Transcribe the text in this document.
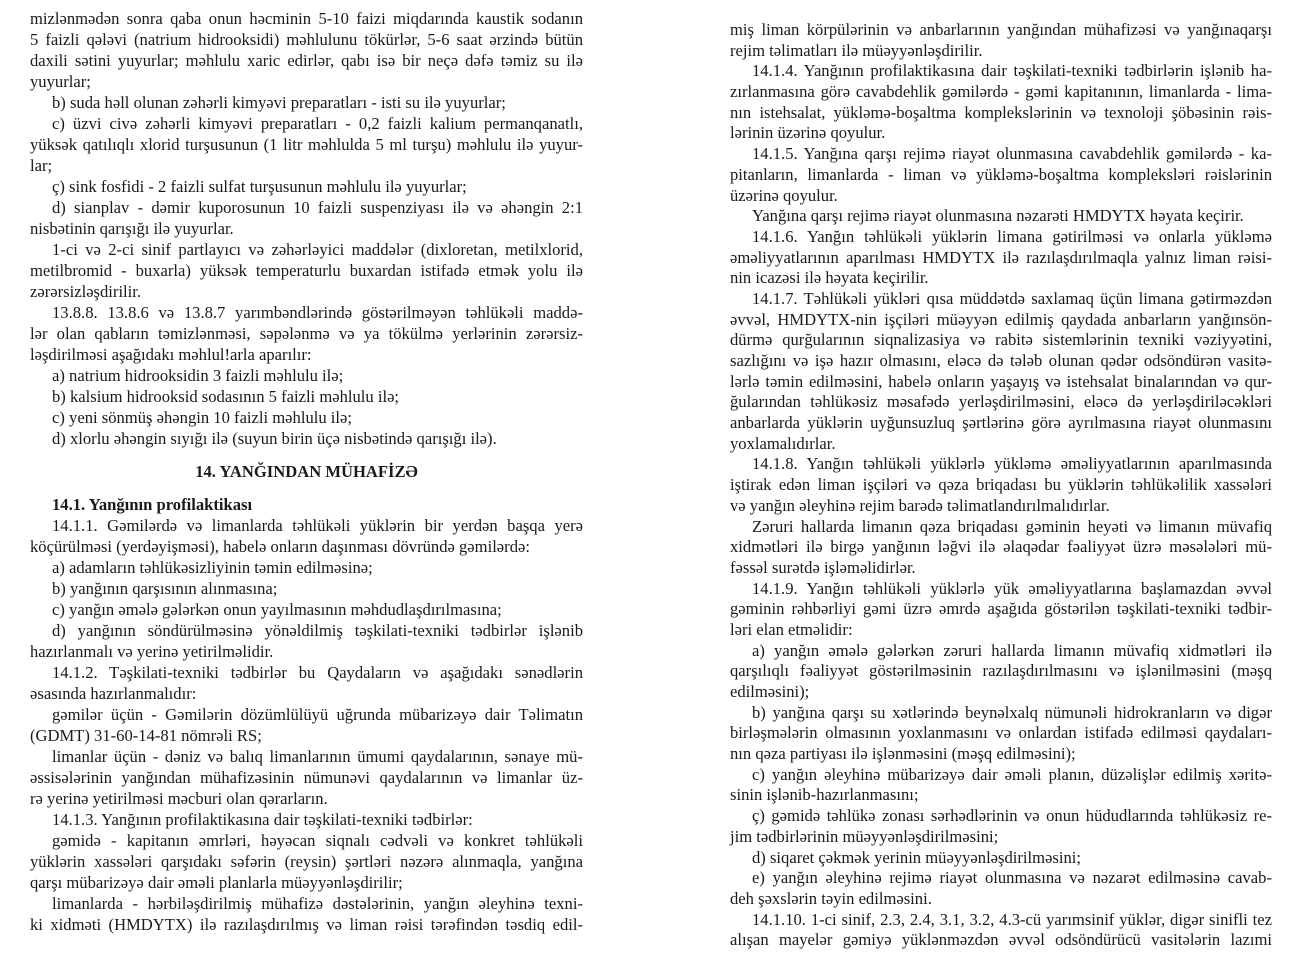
mizlənmədən sonra qaba onun həcminin 5-10 faizi miqdarında kaustik sodanın
5 faizli qələvi (natrium hidrooksidi) məhlulunu tökürlər, 5-6 saat ərzində bütün
daxili sətini yuyurlar; məhlulu xaric edirlər, qabı isə bir neçə dəfə təmiz su ilə
yuyurlar;
b) suda həll olunan zəhərli kimyəvi preparatları - isti su ilə yuyurlar;
c) üzvi civə zəhərli kimyəvi preparatları - 0,2 faizli kalium permanqanatlı,
yüksək qatılıqlı xlorid turşusunun (1 litr məhlulda 5 ml turşu) məhlulu ilə yuyur-
lar;
ç) sink fosfidi - 2 faizli sulfat turşusunun məhlulu ilə yuyurlar;
d) sianplav - dəmir kuporosunun 10 faizli suspenziyası ilə və əhəngin 2:1
nisbətinin qarışığı ilə yuyurlar.
1-ci və 2-ci sinif partlayıcı və zəhərləyici maddələr (dixloretan, metilxlorid,
metilbromid - buxarla) yüksək temperaturlu buxardan istifadə etmək yolu ilə
zərərsizləşdirilir.
13.8.8. 13.8.6 və 13.8.7 yarımbəndlərində göstərilməyən təhlükəli maddə-
lər olan qabların təmizlənməsi, səpələnmə və ya tökülmə yerlərinin zərərsiz-
ləşdirilməsi aşağıdakı məhlul!arla aparılır:
a) natrium hidrooksidin 3 faizli məhlulu ilə;
b) kalsium hidrooksid sodasının 5 faizli məhlulu ilə;
c) yeni sönmüş əhəngin 10 faizli məhlulu ilə;
d) xlorlu əhəngin sıyığı ilə (suyun birin üçə nisbətində qarışığı ilə).
14. YANĞINDAN MÜHAFİZƏ
14.1. Yanğının profilaktikası
14.1.1. Gəmilərdə və limanlarda təhlükəli yüklərin bir yerdən başqa yerə
köçürülməsi (yerdəyişməsi), habelə onların daşınması dövründə gəmilərdə:
a) adamların təhlükəsizliyinin təmin edilməsinə;
b) yanğının qarşısının alınmasına;
c) yanğın əmələ gələrkən onun yayılmasının məhdudlaşdırılmasına;
d) yanğının söndürülməsinə yönəldilmiş təşkilati-texniki tədbirlər işlənib
hazırlanmalı və yerinə yetirilməlidir.
14.1.2. Təşkilati-texniki tədbirlər bu Qaydaların və aşağıdakı sənədlərin
əsasında hazırlanmalıdır:
gəmilər üçün - Gəmilərin dözümlülüyü uğrunda mübarizəyə dair Təlimatın
(GDMT) 31-60-14-81 nömrəli RS;
limanlar üçün - dəniz və balıq limanlarının ümumi qaydalarının, sənaye mü-
əssisələrinin yanğından mühafizəsinin nümunəvi qaydalarının və limanlar üz-
rə yerinə yetirilməsi məcburi olan qərarların.
14.1.3. Yanğının profilaktikasına dair təşkilati-texniki tədbirlər:
gəmidə - kapitanın əmrləri, həyəcan siqnalı cədvəli və konkret təhlükəli
yüklərin xassələri qarşıdakı səfərin (reysin) şərtləri nəzərə alınmaqla, yanğına
qarşı mübarizəyə dair əməli planlarla müəyyənləşdirilir;
limanlarda - hərbiləşdirilmiş mühafizə dəstələrinin, yanğın əleyhinə texni-
ki xidməti (HMDYTX) ilə razılaşdırılmış və liman rəisi tərəfindən təsdiq edil-
miş liman körpülərinin və anbarlarının yanğından mühafizəsi və yanğınaqarşı
rejim təlimatları ilə müəyyənləşdirilir.
14.1.4. Yanğının profilaktikasına dair təşkilati-texniki tədbirlərin işlənib ha-
zırlanmasına görə cavabdehlik gəmilərdə - gəmi kapitanının, limanlarda - lima-
nın istehsalat, yükləmə-boşaltma komplekslərinin və texnoloji şöbəsinin rəis-
lərinin üzərinə qoyulur.
14.1.5. Yanğına qarşı rejimə riayət olunmasına cavabdehlik gəmilərdə - ka-
pitanların, limanlarda - liman və yükləmə-boşaltma kompleksləri rəislərinin
üzərinə qoyulur.
Yanğına qarşı rejimə riayət olunmasına nəzarəti HMDYTX həyata keçirir.
14.1.6. Yanğın təhlükəli yüklərin limana gətirilməsi və onlarla yükləmə
əməliyyatlarının aparılması HMDYTX ilə razılaşdırılmaqla yalnız liman rəisi-
nin icazəsi ilə həyata keçirilir.
14.1.7. Təhlükəli yükləri qısa müddətdə saxlamaq üçün limana gətirməzdən
əvvəl, HMDYTX-nin işçiləri müəyyən edilmiş qaydada anbarların yanğınsön-
dürmə qurğularının siqnalizasiya və rabitə sistemlərinin texniki vəziyyətini,
sazlığını və işə hazır olmasını, eləcə də tələb olunan qədər odsöndürən vasitə-
lərlə təmin edilməsini, habelə onların yaşayış və istehsalat binalarından və qur-
ğularından təhlükəsiz məsafədə yerləşdirilməsini, eləcə də yerləşdiriləcəkləri
anbarlarda yüklərin uyğunsuzluq şərtlərinə görə ayrılmasına riayət olunmasını
yoxlamalıdırlar.
14.1.8. Yanğın təhlükəli yüklərlə yükləmə əməliyyatlarının aparılmasında
iştirak edən liman işçiləri və qəza briqadası bu yüklərin təhlükəlilik xassələri
və yanğın əleyhinə rejim barədə təlimatlandırılmalıdırlar.
Zəruri hallarda limanın qəza briqadası gəminin heyəti və limanın müvafiq
xidmətləri ilə birgə yanğının ləğvi ilə əlaqədar fəaliyyət üzrə məsələləri mü-
fəssəl surətdə işləməlidirlər.
14.1.9. Yanğın təhlükəli yüklərlə yük əməliyyatlarına başlamazdan əvvəl
gəminin rəhbərliyi gəmi üzrə əmrdə aşağıda göstərilən təşkilati-texniki tədbir-
ləri elan etməlidir:
a) yanğın əmələ gələrkən zəruri hallarda limanın müvafiq xidmətləri ilə
qarşılıqlı fəaliyyət göstərilməsinin razılaşdırılmasını və işlənilməsini (məşq
edilməsini);
b) yanğına qarşı su xətlərində beynəlxalq nümunəli hidrokranların və digər
birləşmələrin olmasının yoxlanmasını və onlardan istifadə edilməsi qaydaları-
nın qəza partiyası ilə işlənməsini (məşq edilməsini);
c) yanğın əleyhinə mübarizəyə dair əməli planın, düzəlişlər edilmiş xəritə-
sinin işlənib-hazırlanmasını;
ç) gəmidə təhlükə zonası sərhədlərinin və onun hüdudlarında təhlükəsiz re-
jim tədbirlərinin müəyyənləşdirilməsini;
d) siqaret çəkmək yerinin müəyyənləşdirilməsini;
e) yanğın əleyhinə rejimə riayət olunmasına və nəzarət edilməsinə cavab-
deh şəxslərin təyin edilməsini.
14.1.10. 1-ci sinif, 2.3, 2.4, 3.1, 3.2, 4.3-cü yarımsinif yüklər, digər sinifli tez
alışan mayelər gəmiyə yüklənməzdən əvvəl odsöndürücü vasitələrin lazımi
